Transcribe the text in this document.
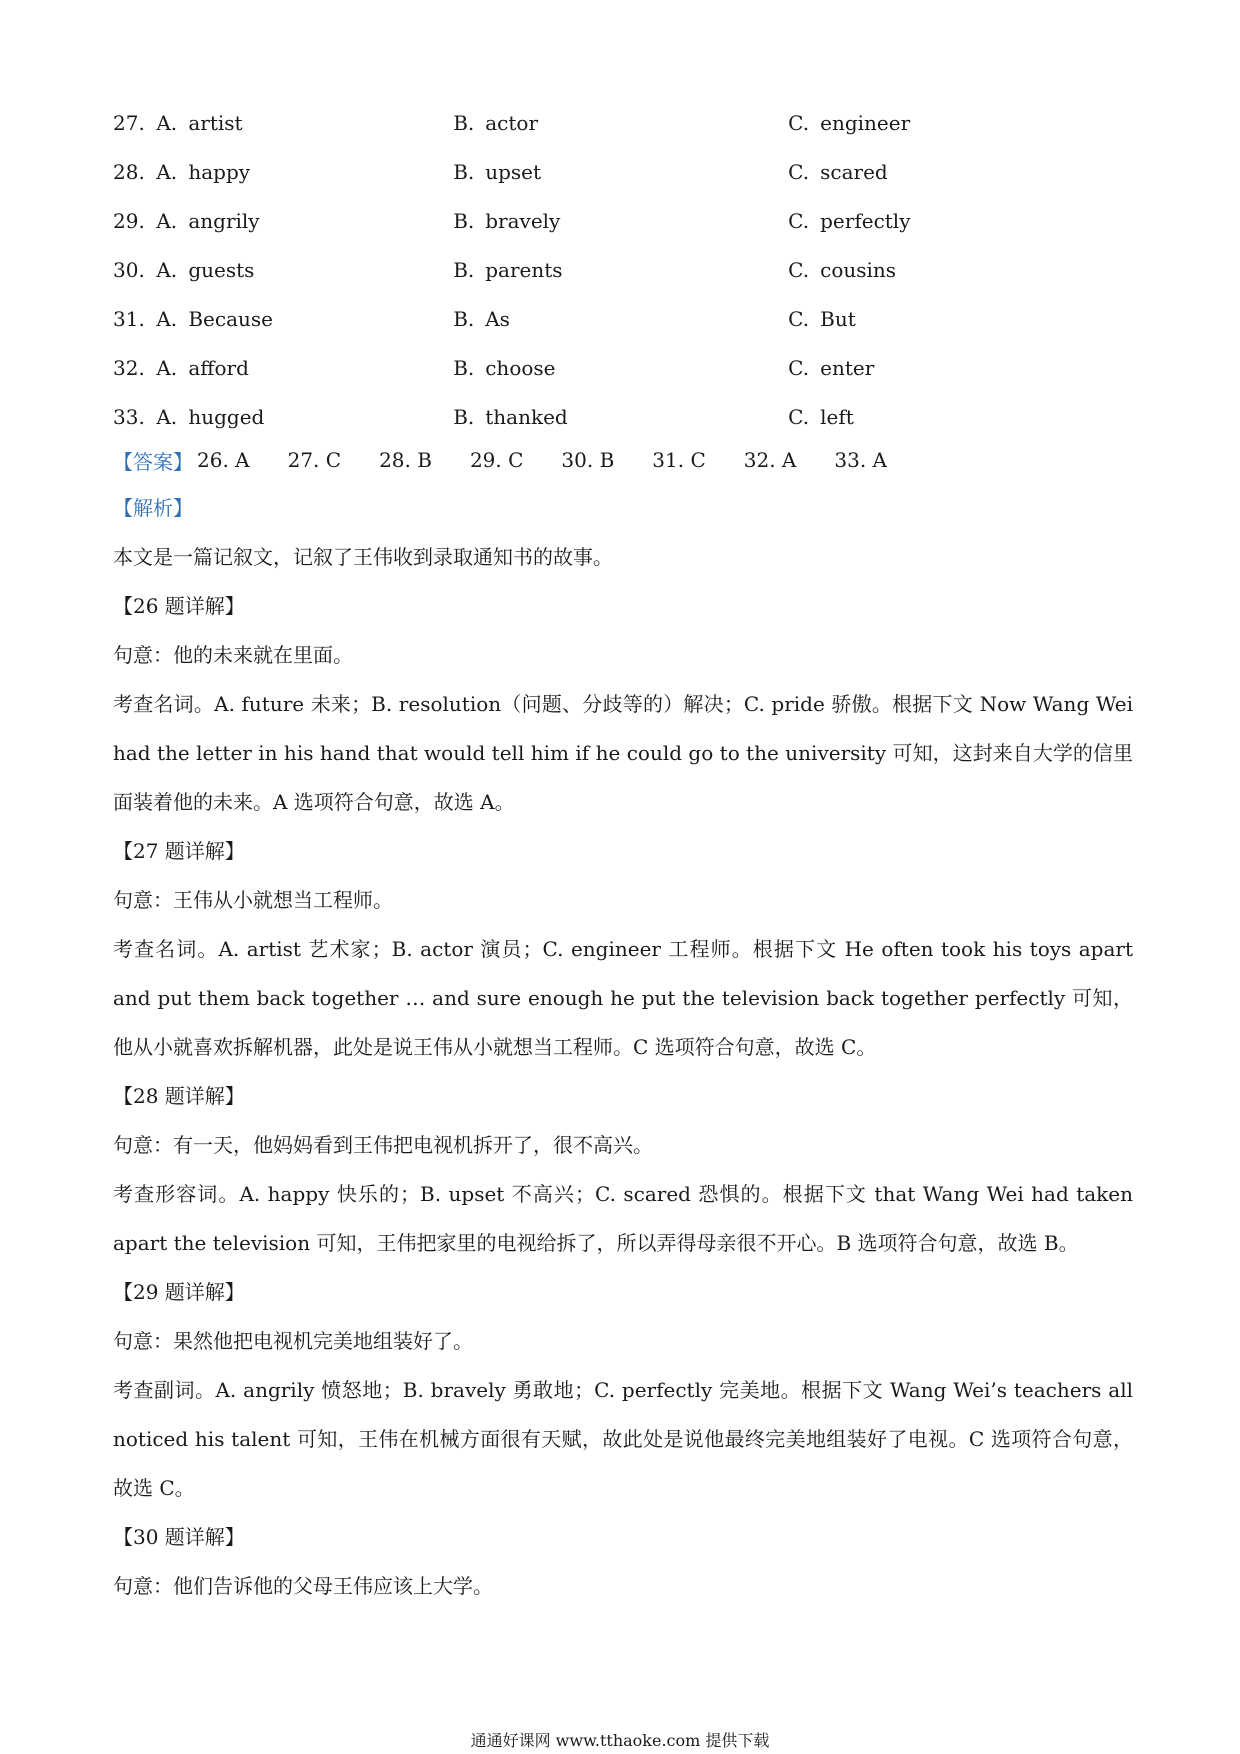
27. A. artist	B. actor	C. engineer
28. A. happy	B. upset	C. scared
29. A. angrily	B. bravely	C. perfectly
30. A. guests	B. parents	C. cousins
31. A. Because	B. As	C. But
32. A. afford	B. choose	C. enter
33. A. hugged	B. thanked	C. left
【答案】 26. A 27. C 28. B 29. C 30. B 31. C 32. A 33. A

【解析】

本文是一篇记叙文，记叙了王伟收到录取通知书的故事。

【26 题详解】

句意：他的未来就在里面。

考查名词。A. future 未来；B. resolution（问题、分歧等的）解决；C. pride 骄傲。根据下文 Now Wang Wei had the letter in his hand that would tell him if he could go to the university 可知，这封来自大学的信里面装着他的未来。A 选项符合句意，故选 A。

【27 题详解】

句意：王伟从小就想当工程师。

考查名词。A. artist 艺术家；B. actor 演员；C. engineer 工程师。根据下文 He often took his toys apart and put them back together … and sure enough he put the television back together perfectly 可知，他从小就喜欢拆解机器，此处是说王伟从小就想当工程师。C 选项符合句意，故选 C。

【28 题详解】

句意：有一天，他妈妈看到王伟把电视机拆开了，很不高兴。

考查形容词。A. happy 快乐的；B. upset 不高兴；C. scared 恐惧的。根据下文 that Wang Wei had taken apart the television 可知，王伟把家里的电视给拆了，所以弄得母亲很不开心。B 选项符合句意，故选 B。

【29 题详解】

句意：果然他把电视机完美地组装好了。

考查副词。A. angrily 愤怒地；B. bravely 勇敢地；C. perfectly 完美地。根据下文 Wang Wei’s teachers all noticed his talent 可知，王伟在机械方面很有天赋，故此处是说他最终完美地组装好了电视。C 选项符合句意，故选 C。

【30 题详解】

句意：他们告诉他的父母王伟应该上大学。

通通好课网 www.tthaoke.com 提供下载
